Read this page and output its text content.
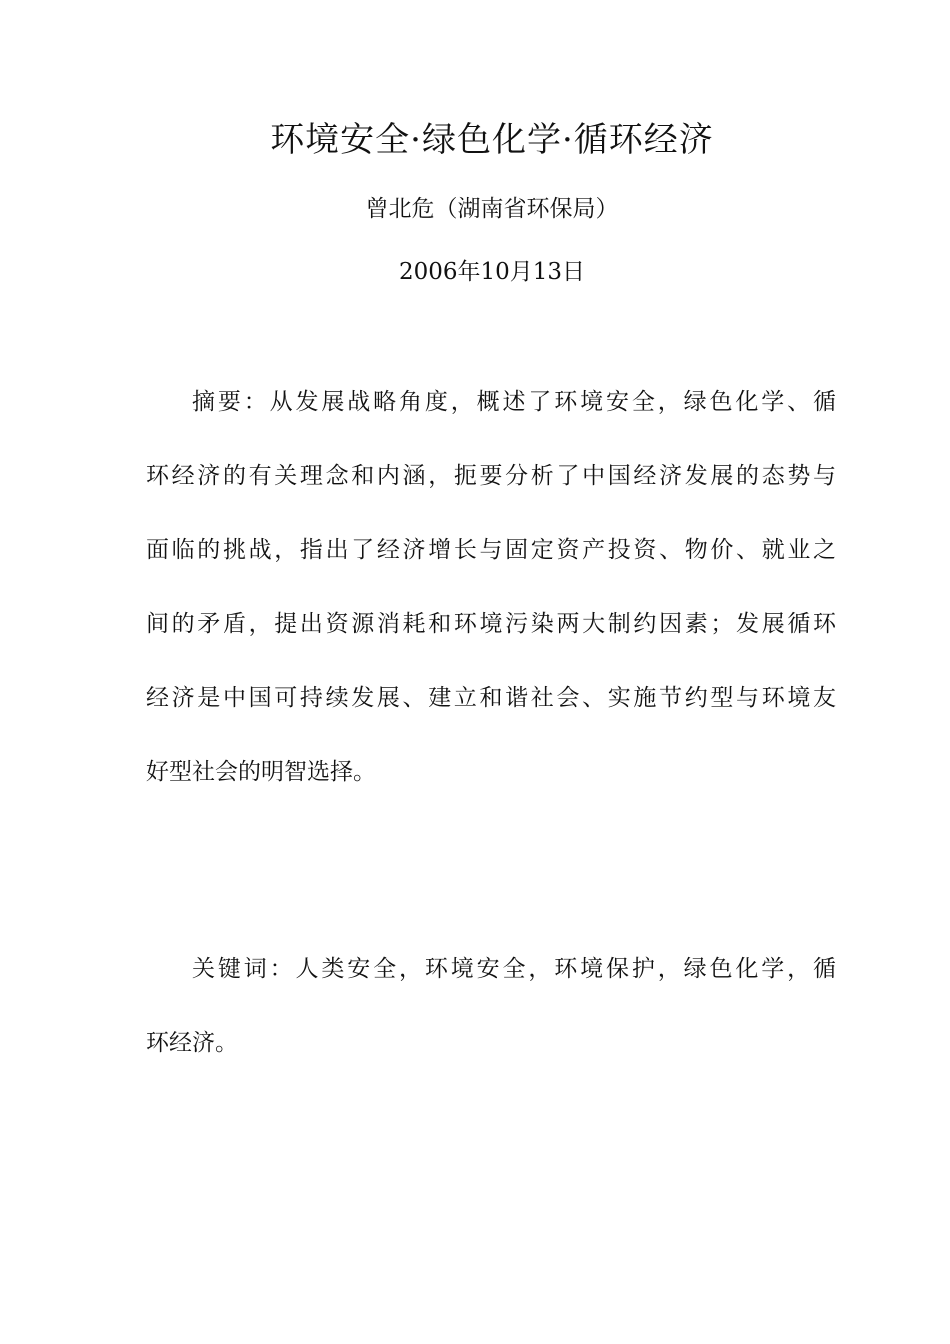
环境安全·绿色化学·循环经济
曾北危（湖南省环保局）
2006年10月13日
摘要：从发展战略角度，概述了环境安全，绿色化学、循
环经济的有关理念和内涵，扼要分析了中国经济发展的态势与
面临的挑战，指出了经济增长与固定资产投资、物价、就业之
间的矛盾，提出资源消耗和环境污染两大制约因素；发展循环
经济是中国可持续发展、建立和谐社会、实施节约型与环境友
好型社会的明智选择。
关键词：人类安全，环境安全，环境保护，绿色化学，循
环经济。
